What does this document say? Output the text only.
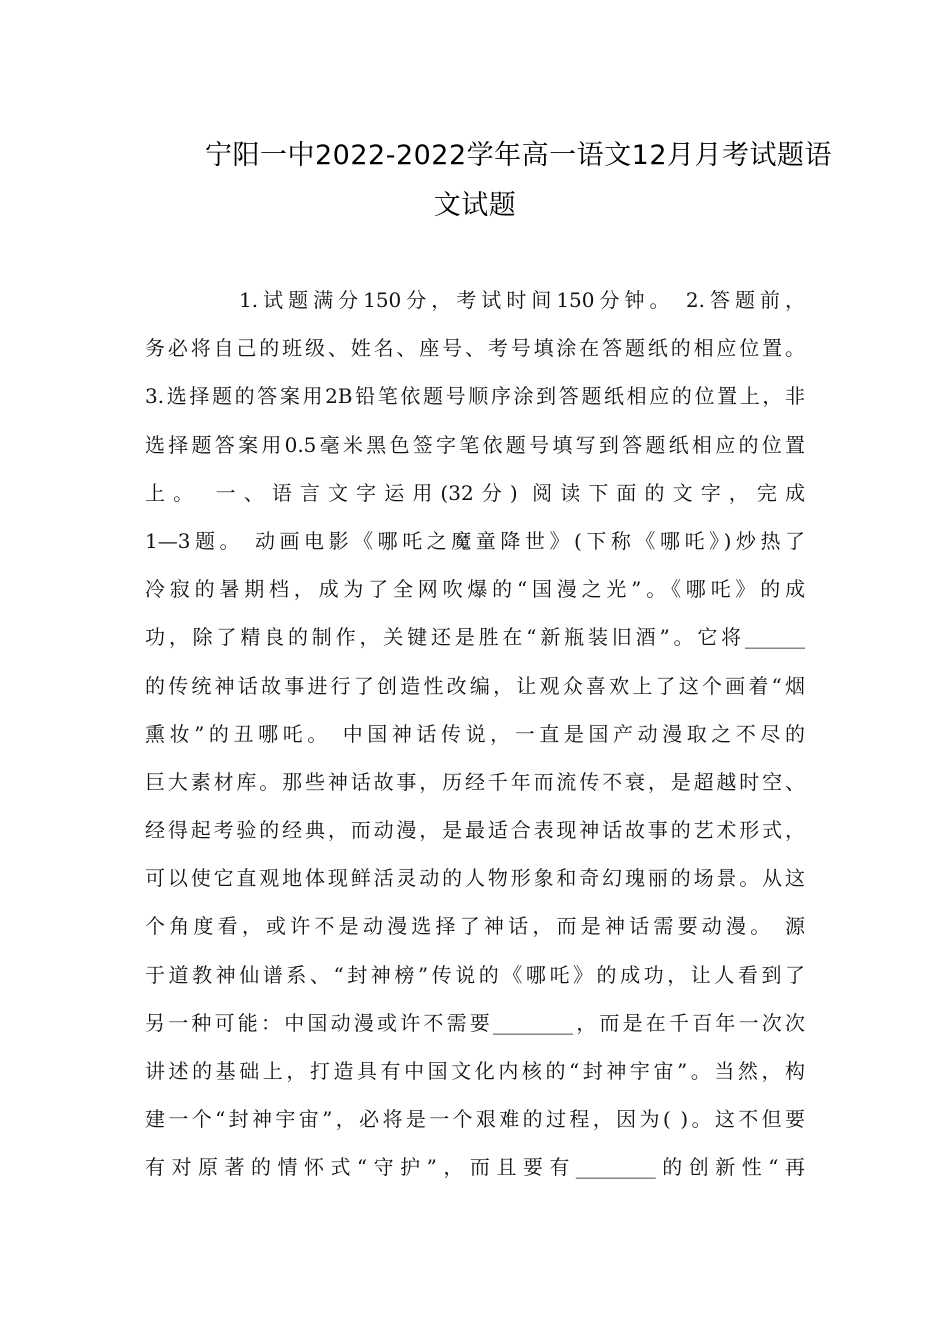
宁阳一中2022-2022学年高一语文12月月考试题语
文试题
1.试题满分150分，考试时间150分钟。 2.答题前，
务必将自己的班级、姓名、座号、考号填涂在答题纸的相应位置。
3.选择题的答案用2B铅笔依题号顺序涂到答题纸相应的位置上，非
选择题答案用0.5毫米黑色签字笔依题号填写到答题纸相应的位置
上。 一、语言文字运用(32分) 阅读下面的文字，完成
1—3题。 动画电影《哪吒之魔童降世》(下称《哪吒》)炒热了
冷寂的暑期档，成为了全网吹爆的“国漫之光”。《哪吒》的成
功，除了精良的制作，关键还是胜在“新瓶装旧酒”。它将______
的传统神话故事进行了创造性改编，让观众喜欢上了这个画着“烟
熏妆”的丑哪吒。 中国神话传说，一直是国产动漫取之不尽的
巨大素材库。那些神话故事，历经千年而流传不衰，是超越时空、
经得起考验的经典，而动漫，是最适合表现神话故事的艺术形式，
可以使它直观地体现鲜活灵动的人物形象和奇幻瑰丽的场景。从这
个角度看，或许不是动漫选择了神话，而是神话需要动漫。 源
于道教神仙谱系、“封神榜”传说的《哪吒》的成功，让人看到了
另一种可能：中国动漫或许不需要________，而是在千百年一次次
讲述的基础上，打造具有中国文化内核的“封神宇宙”。当然，构
建一个“封神宇宙”，必将是一个艰难的过程，因为( )。这不但要
有对原著的情怀式“守护”，而且要有________的创新性“再
